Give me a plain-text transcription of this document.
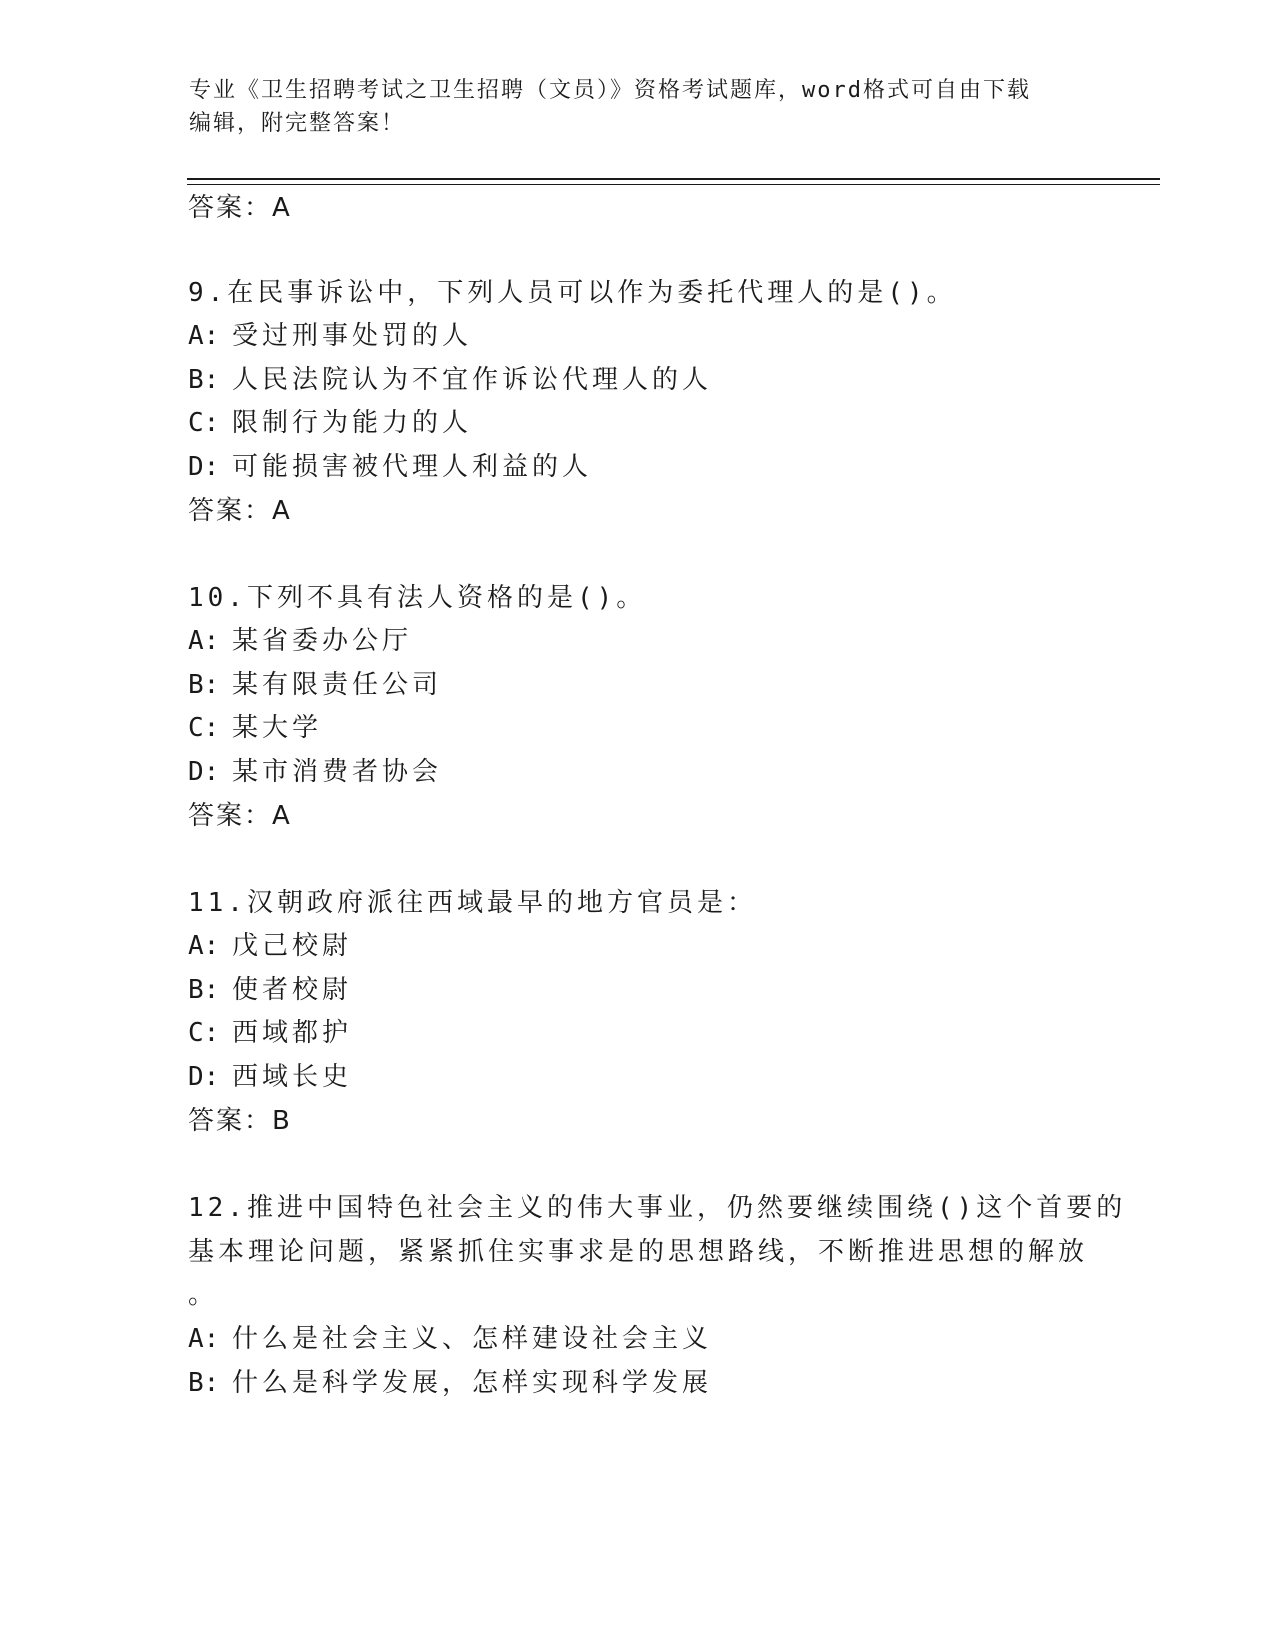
专业《卫生招聘考试之卫生招聘（文员）》资格考试题库，word格式可自由下载
编辑，附完整答案！
答案：A
9.在民事诉讼中，下列人员可以作为委托代理人的是()。
A: 受过刑事处罚的人
B: 人民法院认为不宜作诉讼代理人的人
C: 限制行为能力的人
D: 可能损害被代理人利益的人
答案：A
10.下列不具有法人资格的是()。
A: 某省委办公厅
B: 某有限责任公司
C: 某大学
D: 某市消费者协会
答案：A
11.汉朝政府派往西域最早的地方官员是：
A: 戊己校尉
B: 使者校尉
C: 西域都护
D: 西域长史
答案：B
12.推进中国特色社会主义的伟大事业，仍然要继续围绕()这个首要的
基本理论问题，紧紧抓住实事求是的思想路线，不断推进思想的解放
。
A: 什么是社会主义、怎样建设社会主义
B: 什么是科学发展，怎样实现科学发展
